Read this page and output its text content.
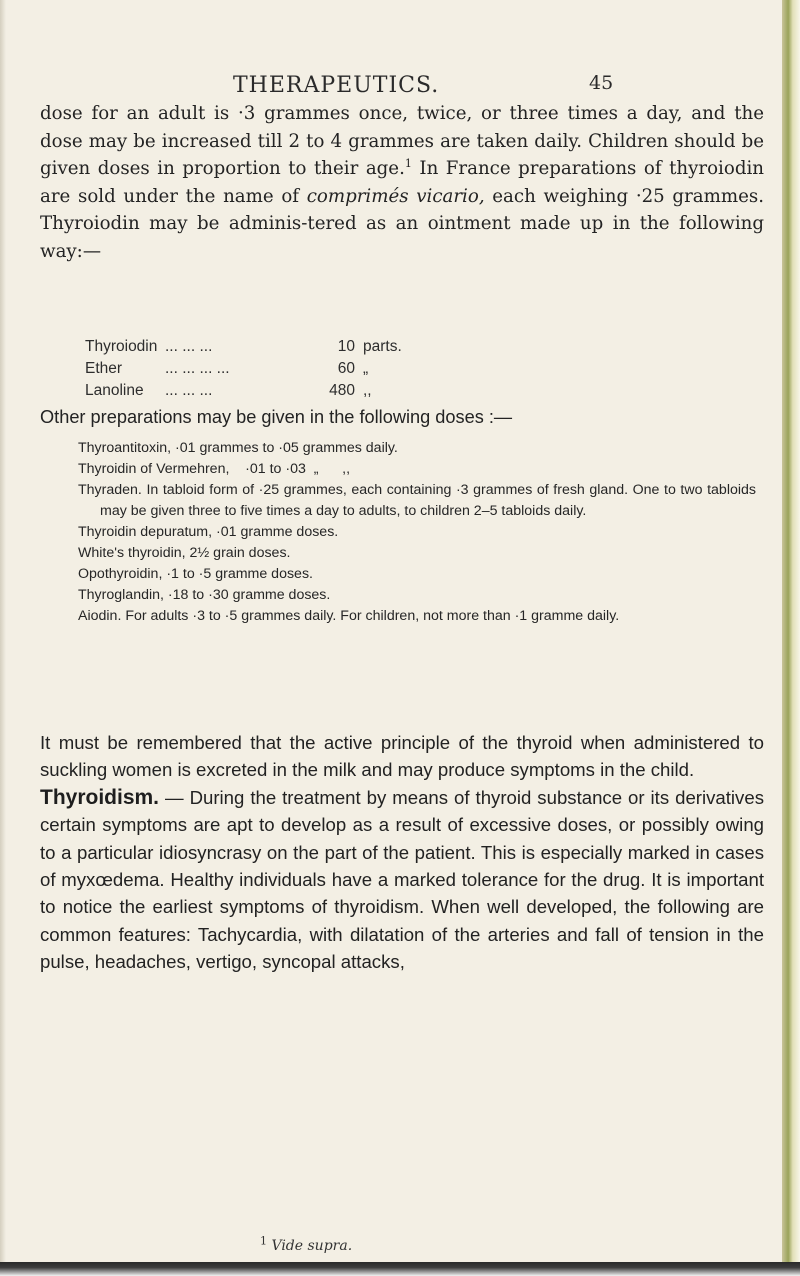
THERAPEUTICS.	45

dose for an adult is ·3 grammes once, twice, or three times a day, and the dose may be increased till 2 to 4 grammes are taken daily. Children should be given doses in proportion to their age.$^1$ In France preparations of thyroiodin are sold under the name of comprimés vicario, each weighing ·25 grammes. Thyroiodin may be adminis-tered as an ointment made up in the following way:—

Thyroiodin ... ... ...	10 parts.
Ether	... ... ... ...	60 „
Lanoline	... ... ...	480 ,,
Other preparations may be given in the following doses :—
Thyroantitoxin, ·01 grammes to ·05 grammes daily.
Thyroidin of Vermehren,    ·01 to ·03  „      ,,
Thyraden. In tabloid form of ·25 grammes, each containing ·3 grammes of fresh gland. One to two tabloids may be given three to five times a day to adults, to children 2–5 tabloids daily.
Thyroidin depuratum, ·01 gramme doses.
White's thyroidin, 2½ grain doses.
Opothyroidin, ·1 to ·5 gramme doses.
Thyroglandin, ·18 to ·30 gramme doses.
Aiodin. For adults ·3 to ·5 grammes daily. For children, not more than ·1 gramme daily.
It must be remembered that the active principle of the thyroid when administered to suckling women is excreted in the milk and may produce symptoms in the child.
Thyroidism. — During the treatment by means of thyroid substance or its derivatives certain symptoms are apt to develop as a result of excessive doses, or possibly owing to a particular idiosyncrasy on the part of the patient. This is especially marked in cases of myxœdema. Healthy individuals have a marked tolerance for the drug. It is important to notice the earliest symptoms of thyroidism. When well developed, the following are common features: Tachycardia, with dilatation of the arteries and fall of tension in the pulse, headaches, vertigo, syncopal attacks,
$^1$ Vide supra.
